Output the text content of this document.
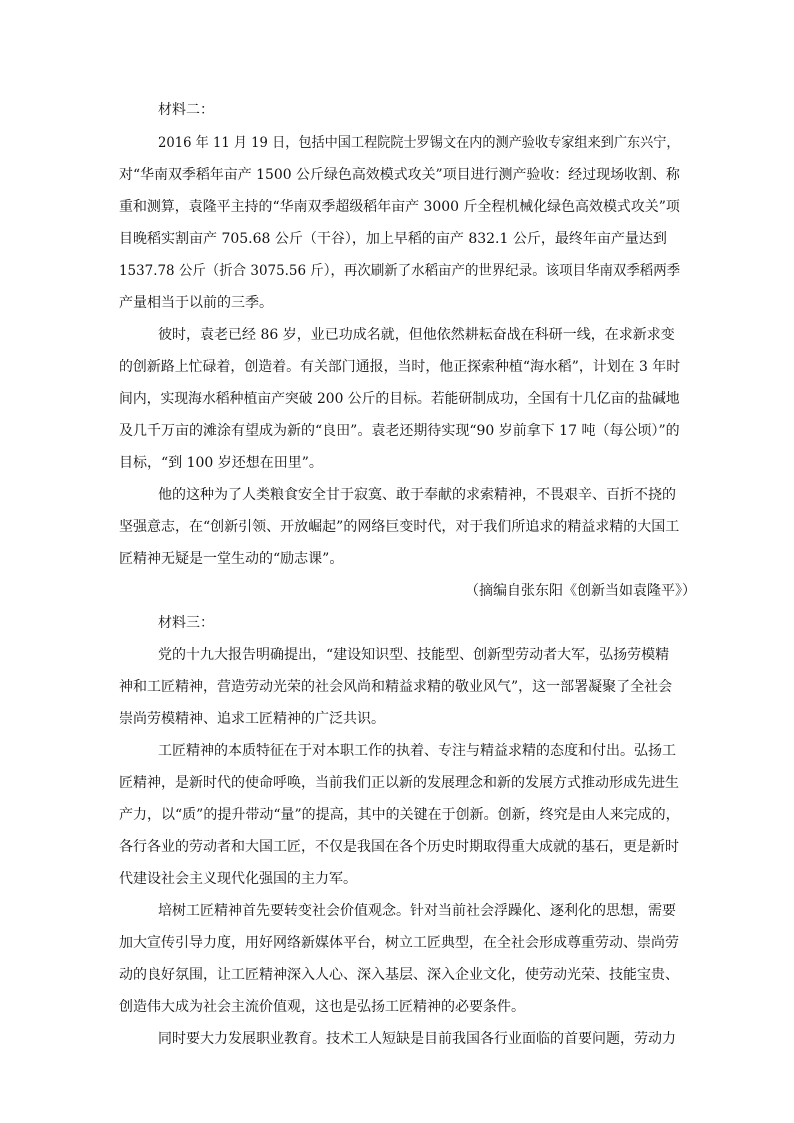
材料二：
2016 年 11 月 19 日，包括中国工程院院士罗锡文在内的测产验收专家组来到广东兴宁，
对“华南双季稻年亩产 1500 公斤绿色高效模式攻关”项目进行测产验收：经过现场收割、称
重和测算，袁隆平主持的“华南双季超级稻年亩产 3000 斤全程机械化绿色高效模式攻关”项
目晚稻实割亩产 705.68 公斤（干谷），加上早稻的亩产 832.1 公斤，最终年亩产量达到
1537.78 公斤（折合 3075.56 斤），再次刷新了水稻亩产的世界纪录。该项目华南双季稻两季
产量相当于以前的三季。
彼时，袁老已经 86 岁，业已功成名就，但他依然耕耘奋战在科研一线，在求新求变
的创新路上忙碌着，创造着。有关部门通报，当时，他正探索种植“海水稻”，计划在 3 年时
间内，实现海水稻种植亩产突破 200 公斤的目标。若能研制成功，全国有十几亿亩的盐碱地
及几千万亩的滩涂有望成为新的“良田”。袁老还期待实现“90 岁前拿下 17 吨（每公顷）”的
目标，“到 100 岁还想在田里”。
他的这种为了人类粮食安全甘于寂寞、敢于奉献的求索精神，不畏艰辛、百折不挠的
坚强意志，在“创新引领、开放崛起”的网络巨变时代，对于我们所追求的精益求精的大国工
匠精神无疑是一堂生动的“励志课”。
（摘编自张东阳《创新当如袁隆平》）
材料三：
党的十九大报告明确提出，“建设知识型、技能型、创新型劳动者大军，弘扬劳模精
神和工匠精神，营造劳动光荣的社会风尚和精益求精的敬业风气”，这一部署凝聚了全社会
崇尚劳模精神、追求工匠精神的广泛共识。
工匠精神的本质特征在于对本职工作的执着、专注与精益求精的态度和付出。弘扬工
匠精神，是新时代的使命呼唤，当前我们正以新的发展理念和新的发展方式推动形成先进生
产力，以“质”的提升带动“量”的提高，其中的关键在于创新。创新，终究是由人来完成的，
各行各业的劳动者和大国工匠，不仅是我国在各个历史时期取得重大成就的基石，更是新时
代建设社会主义现代化强国的主力军。
培树工匠精神首先要转变社会价值观念。针对当前社会浮躁化、逐利化的思想，需要
加大宣传引导力度，用好网络新媒体平台，树立工匠典型，在全社会形成尊重劳动、崇尚劳
动的良好氛围，让工匠精神深入人心、深入基层、深入企业文化，使劳动光荣、技能宝贵、
创造伟大成为社会主流价值观，这也是弘扬工匠精神的必要条件。
同时要大力发展职业教育。技术工人短缺是目前我国各行业面临的首要问题，劳动力
